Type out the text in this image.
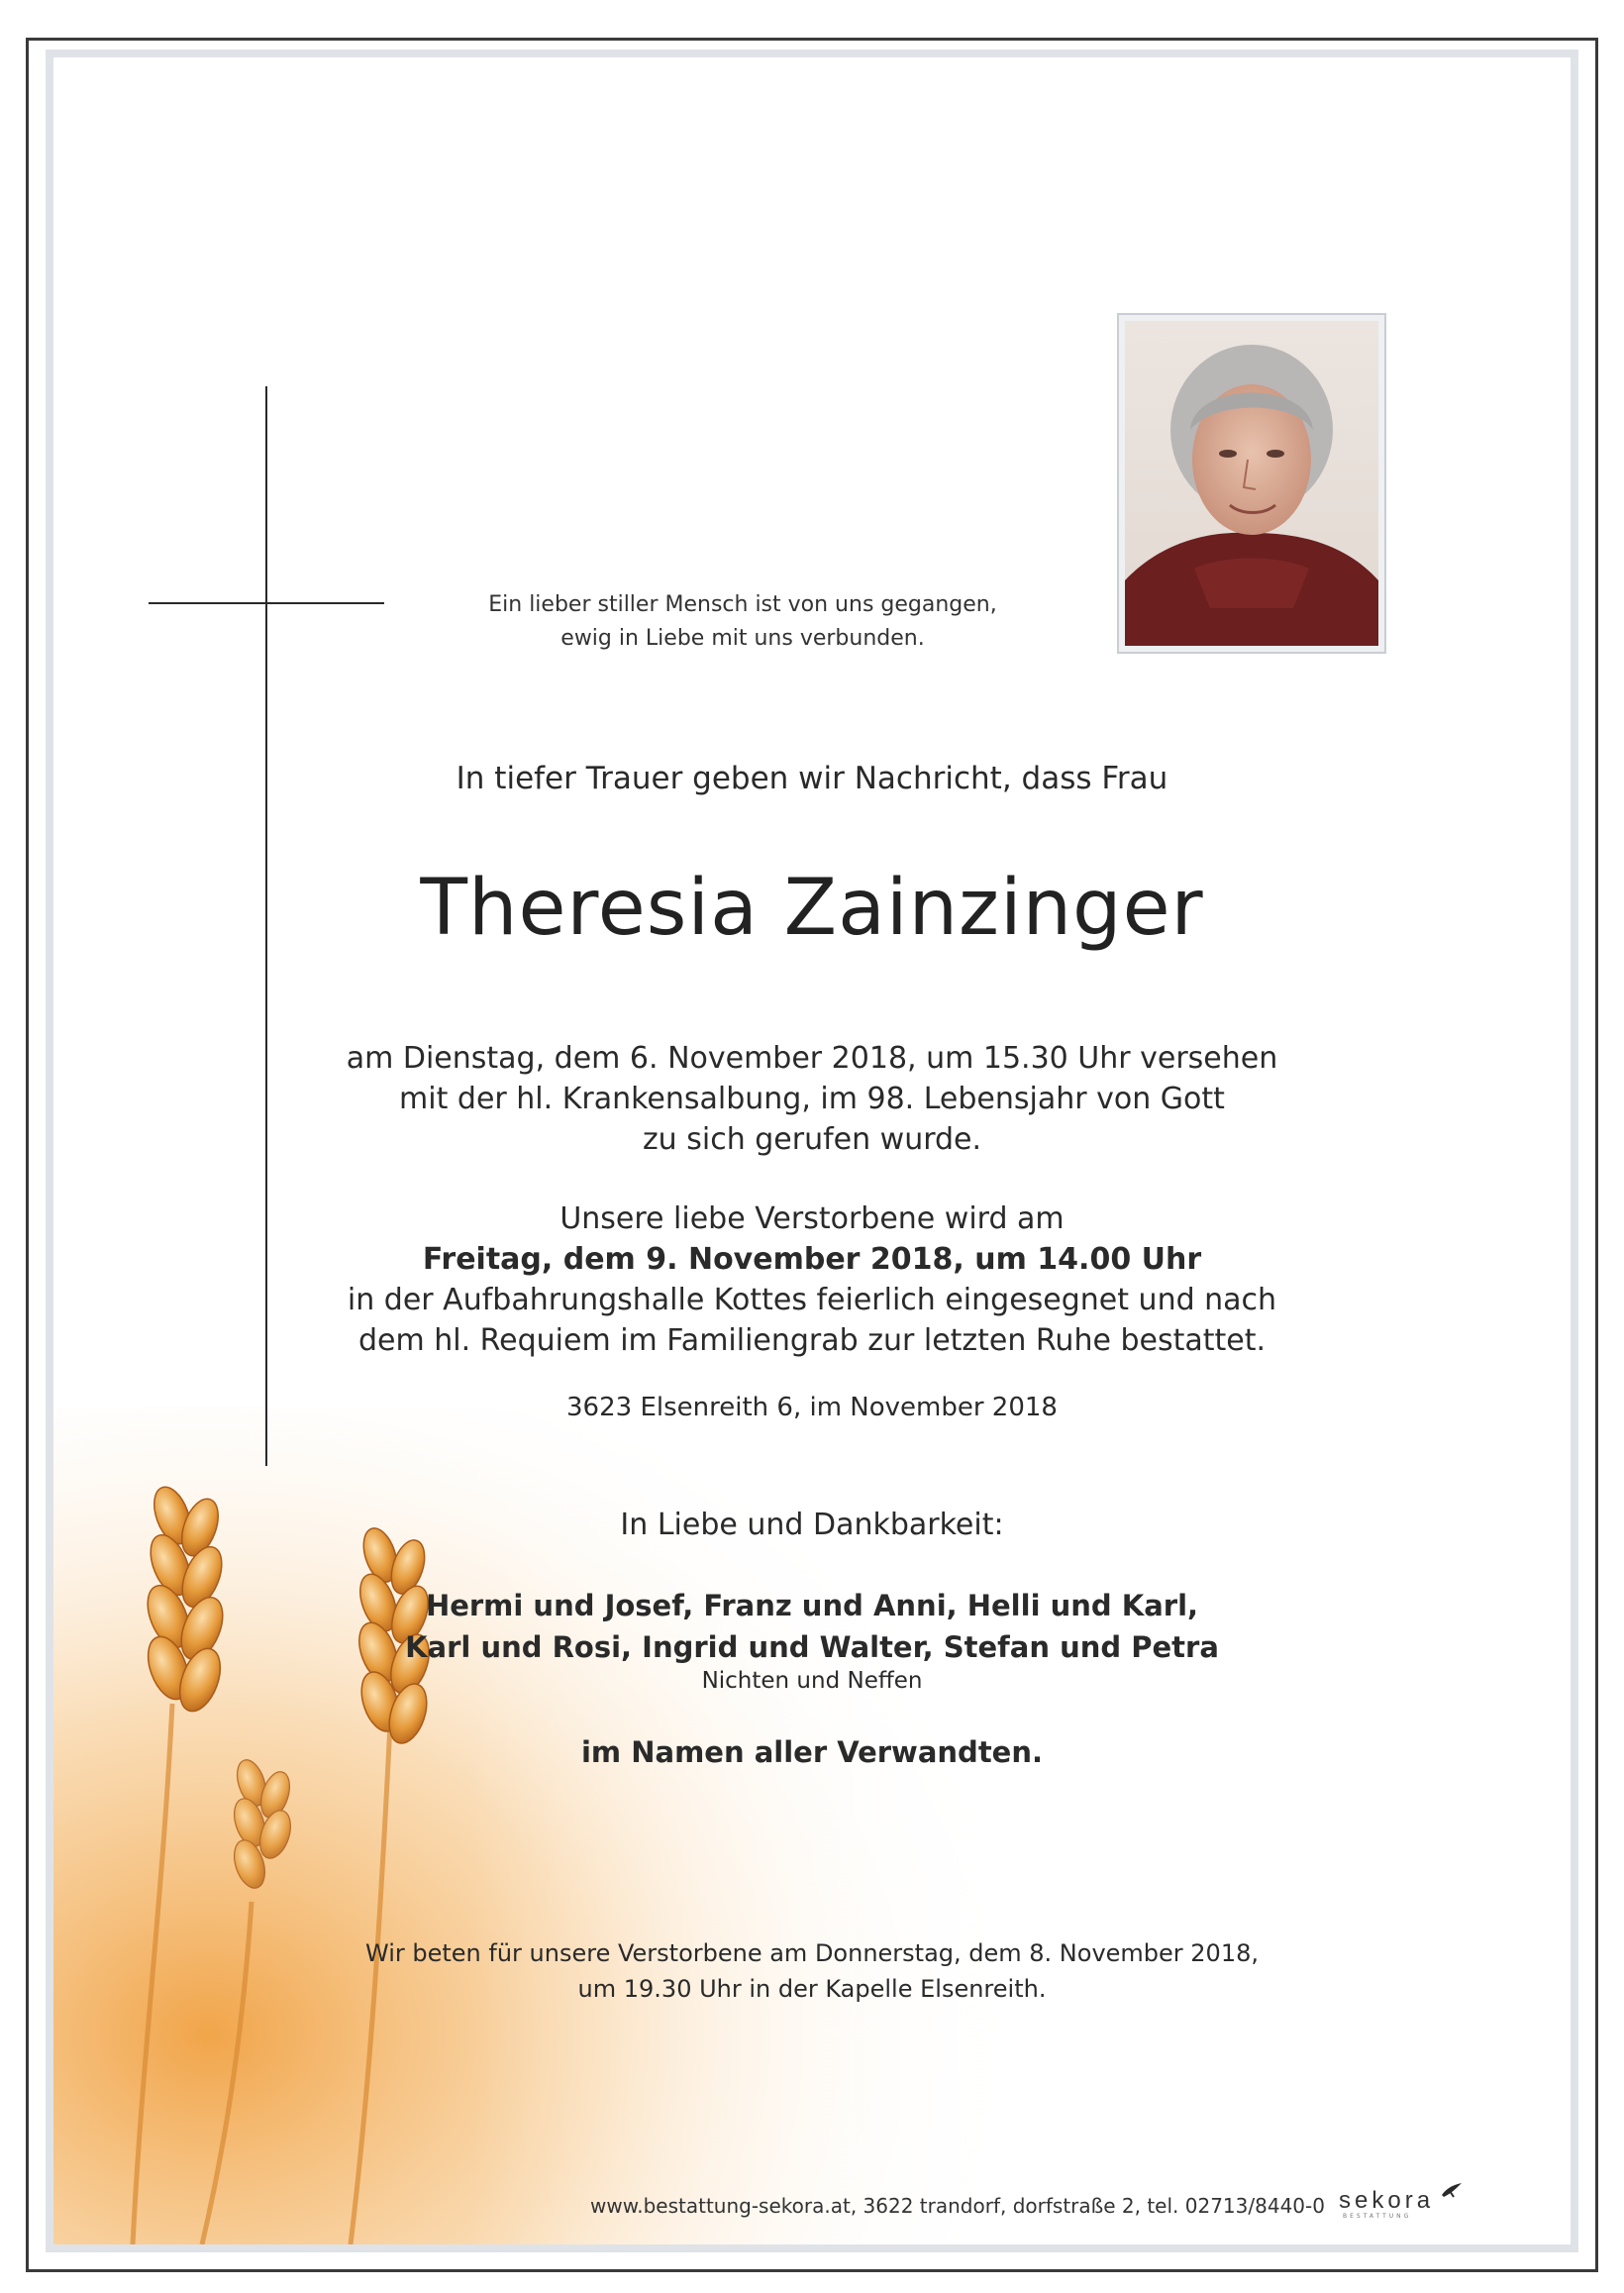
Ein lieber stiller Mensch ist von uns gegangen,
ewig in Liebe mit uns verbunden.
In tiefer Trauer geben wir Nachricht, dass Frau
Theresia Zainzinger
am Dienstag, dem 6. November 2018, um 15.30 Uhr versehen
mit der hl. Krankensalbung, im 98. Lebensjahr von Gott
zu sich gerufen wurde.
Unsere liebe Verstorbene wird am
Freitag, dem 9. November 2018, um 14.00 Uhr
in der Aufbahrungshalle Kottes feierlich eingesegnet und nach
dem hl. Requiem im Familiengrab zur letzten Ruhe bestattet.
3623 Elsenreith 6, im November 2018
In Liebe und Dankbarkeit:
Hermi und Josef, Franz und Anni, Helli und Karl,
Karl und Rosi, Ingrid und Walter, Stefan und Petra
Nichten und Neffen
im Namen aller Verwandten.
Wir beten für unsere Verstorbene am Donnerstag, dem 8. November 2018,
um 19.30 Uhr in der Kapelle Elsenreith.
www.bestattung-sekora.at, 3622 trandorf, dorfstraße 2, tel. 02713/8440-0 sekora
BESTATTUNG
